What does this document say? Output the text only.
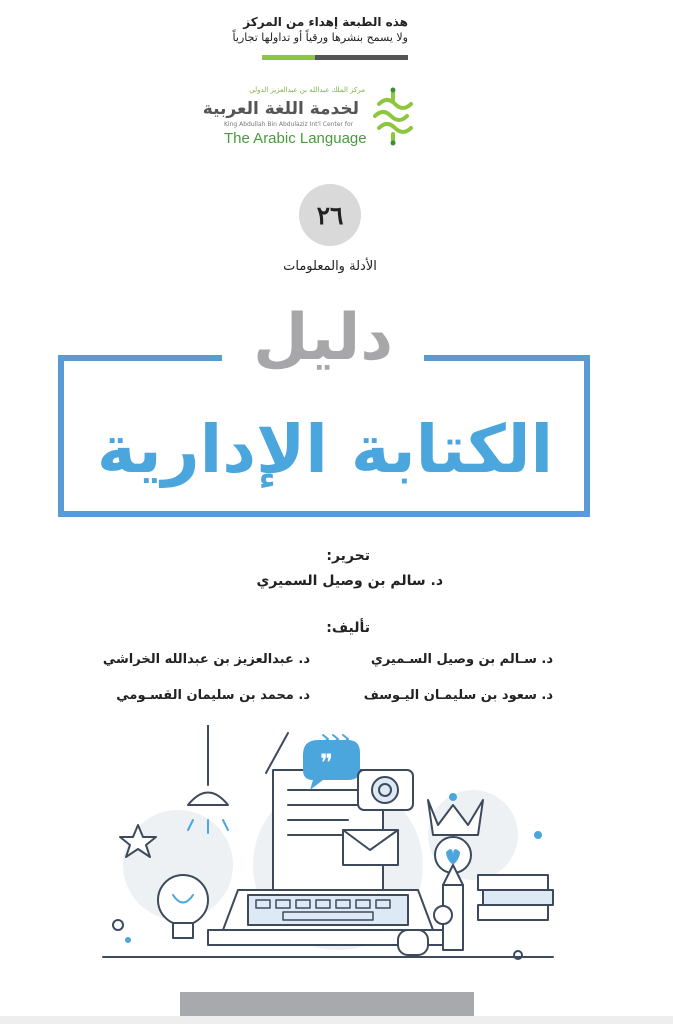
هذه الطبعة إهداء من المركز
ولا يسمح بنشرها ورقياً أو تداولها تجارياً
مركز الملك عبدالله بن عبدالعزيز الدولي
لخدمة اللغة العربية
King Abdullah Bin Abdulaziz Int'l Center for
The Arabic Language
٢٦
الأدلة والمعلومات
دليل
الكتابة الإدارية
تحرير:
د. سالم بن وصيل السميري
تأليف:
د. سـالم بن وصيل السـميري
د. عبدالعزيز بن عبدالله الخراشي
د. سعود بن سليمـان اليـوسف
د. محمد بن سليمان القسـومي
❞
